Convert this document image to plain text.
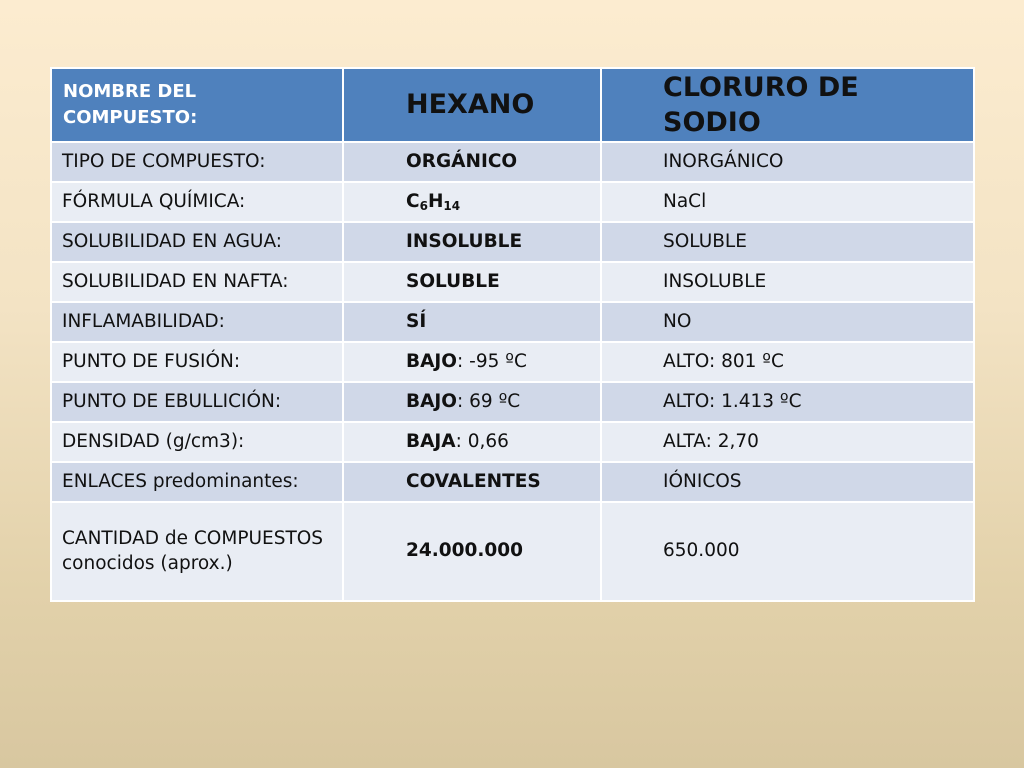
NOMBRE DEL COMPUESTO:	HEXANO	CLORURO DE SODIO
TIPO DE COMPUESTO:	ORGÁNICO	INORGÁNICO
FÓRMULA QUÍMICA:	$C_6H_{14}$	NaCl
SOLUBILIDAD EN AGUA:	INSOLUBLE	SOLUBLE
SOLUBILIDAD EN NAFTA:	SOLUBLE	INSOLUBLE
INFLAMABILIDAD:	SÍ	NO
PUNTO DE FUSIÓN:	BAJO: -95 ºC	ALTO: 801 ºC
PUNTO DE EBULLICIÓN:	BAJO: 69 ºC	ALTO: 1.413 ºC
DENSIDAD (g/cm3):	BAJA: 0,66	ALTA: 2,70
ENLACES predominantes:	COVALENTES	IÓNICOS
CANTIDAD de COMPUESTOS conocidos (aprox.)	24.000.000	650.000
